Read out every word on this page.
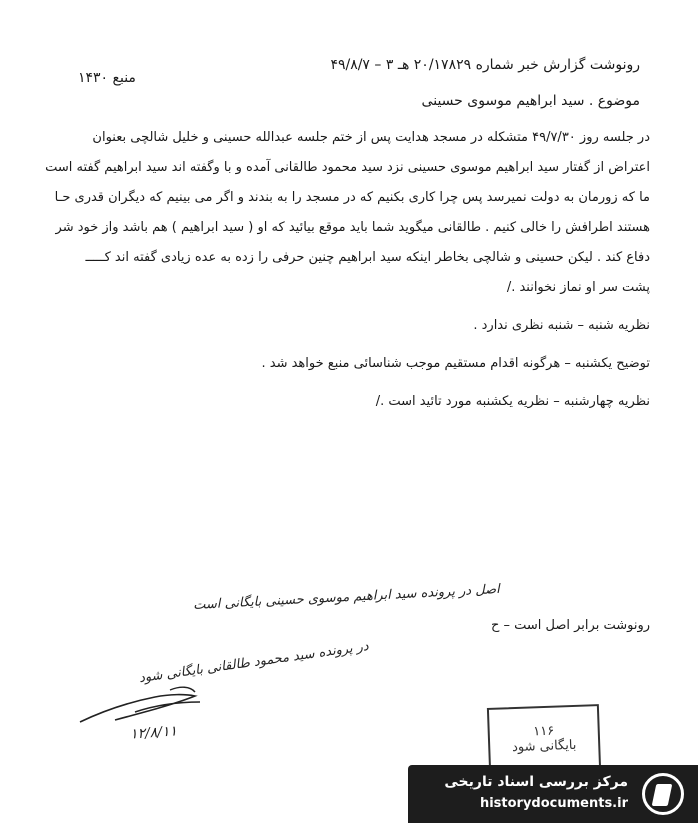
رونوشت گزارش خبر شماره ۲۰/۱۷۸۲۹ هـ ۳ – ۴۹/۸/۷
منبع ۱۴۳۰
موضوع . سید ابراهیم موسوی حسینی
در جلسه روز ۴۹/۷/۳۰ متشکله در مسجد هدایت پس از ختم جلسه عبدالله حسینی و خلیل شالچی بعنوان
اعتراض از گفتار سید ابراهیم موسوی حسینی نزد سید محمود طالقانی آمده و با وگفته اند سید ابراهیم گفته است
ما که زورمان به دولت نمیرسد پس چرا کاری بکنیم که در مسجد را به بندند و اگر می بینیم که دیگران قدری حـا
هستند اطرافش را خالی کنیم . طالقانی میگوید شما باید موقع بیائید که او ( سید ابراهیم ) هم باشد واز خود شر
دفاع کند . لیکن حسینی و شالچی بخاطر اینکه سید ابراهیم چنین حرفی را زده به عده زیادی گفته اند کـــــ
پشت سر او نماز نخوانند ./
نظریه شنبه – شنبه نظری ندارد .
توضیح یکشنبه – هرگونه اقدام مستقیم موجب شناسائی منبع خواهد شد .
نظریه چهارشنبه – نظریه یکشنبه مورد تائید است ./
رونوشت برابر اصل است – ح
اصل در پرونده سید ابراهیم موسوی حسینی بایگانی است
در پرونده سید محمود طالقانی بایگانی شود
۱۲/۸/۱۱	۱۱۶
بایگانی شود
مرکز بررسی اسناد تاریخی
historydocuments.ir
